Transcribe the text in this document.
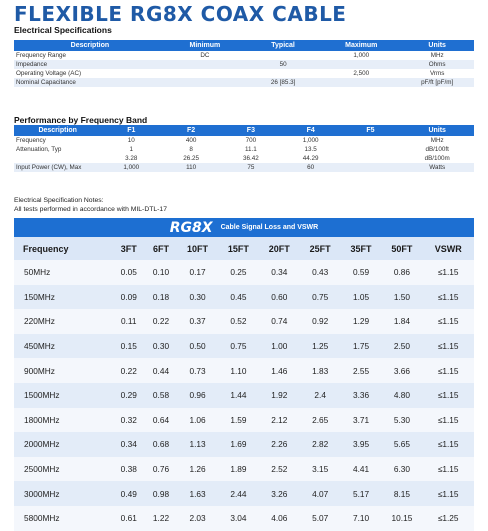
FLEXIBLE RG8X COAX CABLE
Electrical Specifications
Description	Minimum	Typical	Maximum	Units
Frequency Range	DC		1,000	MHz
Impedance		50		Ohms
Operating Voltage (AC)			2,500	Vrms
Nominal Capacitance		26 [85.3]		pF/ft [pF/m]
Performance by Frequency Band
Description	F1	F2	F3	F4	F5	Units
Frequency	10	400	700	1,000		MHz
Attenuation, Typ	1	8	11.1	13.5		dB/100ft
	3.28	26.25	36.42	44.29		dB/100m
Input Power (CW), Max	1,000	110	75	60		Watts
Electrical Specification Notes:
All tests performed in accordance with MIL-DTL-17
RG8X Cable Signal Loss and VSWR
Frequency	3FT	6FT	10FT	15FT	20FT	25FT	35FT	50FT	VSWR
50MHz	0.05	0.10	0.17	0.25	0.34	0.43	0.59	0.86	≤1.15
150MHz	0.09	0.18	0.30	0.45	0.60	0.75	1.05	1.50	≤1.15
220MHz	0.11	0.22	0.37	0.52	0.74	0.92	1.29	1.84	≤1.15
450MHz	0.15	0.30	0.50	0.75	1.00	1.25	1.75	2.50	≤1.15
900MHz	0.22	0.44	0.73	1.10	1.46	1.83	2.55	3.66	≤1.15
1500MHz	0.29	0.58	0.96	1.44	1.92	2.4	3.36	4.80	≤1.15
1800MHz	0.32	0.64	1.06	1.59	2.12	2.65	3.71	5.30	≤1.15
2000MHz	0.34	0.68	1.13	1.69	2.26	2.82	3.95	5.65	≤1.15
2500MHz	0.38	0.76	1.26	1.89	2.52	3.15	4.41	6.30	≤1.15
3000MHz	0.49	0.98	1.63	2.44	3.26	4.07	5.17	8.15	≤1.15
5800MHz	0.61	1.22	2.03	3.04	4.06	5.07	7.10	10.15	≤1.25
